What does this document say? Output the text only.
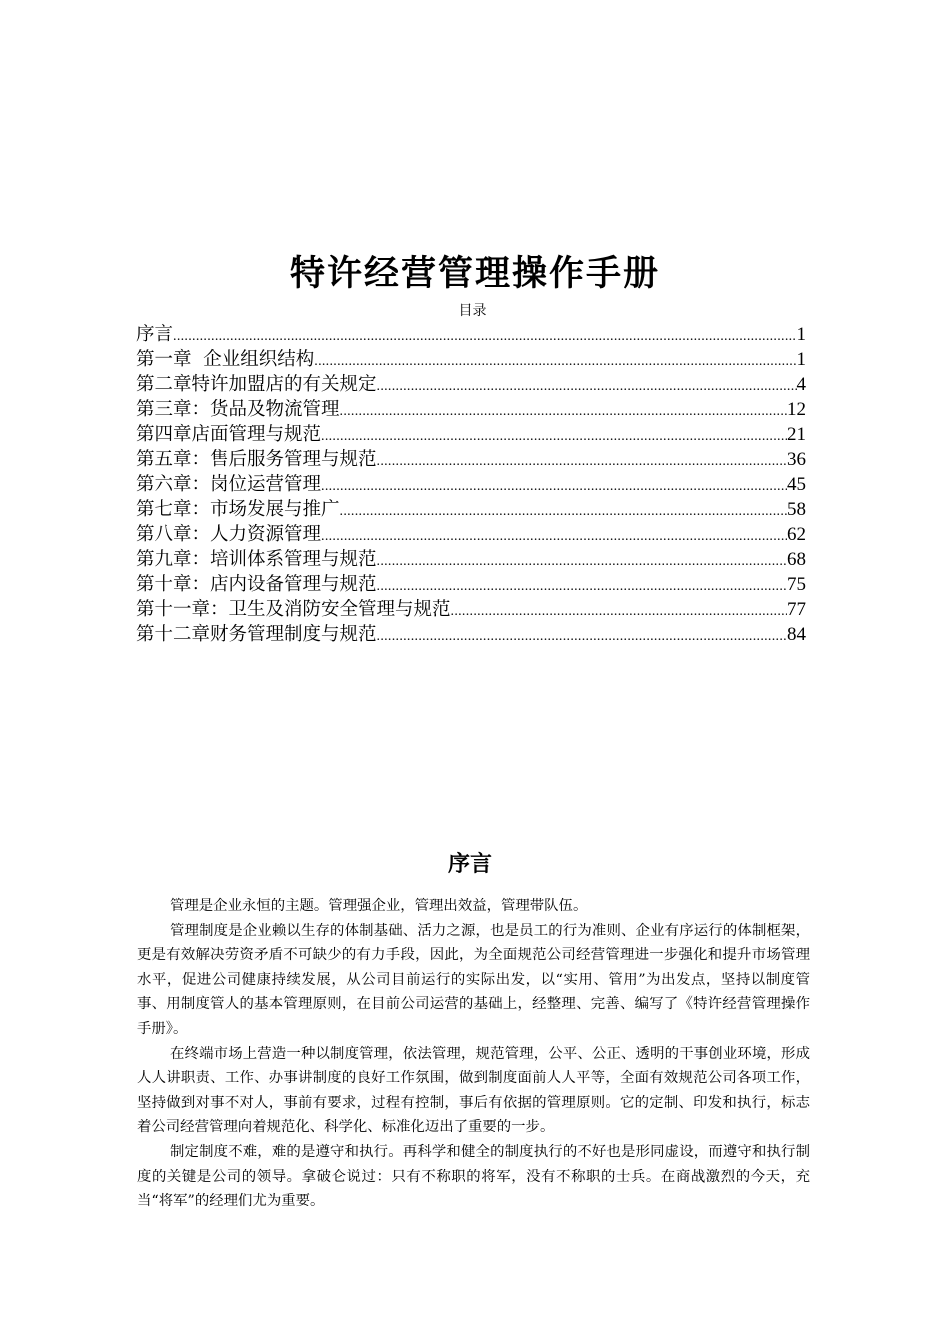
特许经营管理操作手册
目录
序言 .....	1
第一章  企业组织结构 .....	1
第二章特许加盟店的有关规定 .....	4
第三章：货品及物流管理 .....	12
第四章店面管理与规范 .....	21
第五章：售后服务管理与规范 .....	36
第六章：岗位运营管理 .....	45
第七章：市场发展与推广 .....	58
第八章：人力资源管理 .....	62
第九章：培训体系管理与规范 .....	68
第十章：店内设备管理与规范 .....	75
第十一章：卫生及消防安全管理与规范 .....	77
第十二章财务管理制度与规范 .....	84
序言

管理是企业永恒的主题。管理强企业，管理出效益，管理带队伍。

管理制度是企业赖以生存的体制基础、活力之源，也是员工的行为准则、企业有序运行的体制框架，更是有效解决劳资矛盾不可缺少的有力手段，因此，为全面规范公司经营管理进一步强化和提升市场管理水平，促进公司健康持续发展，从公司目前运行的实际出发，以“实用、管用”为出发点，坚持以制度管事、用制度管人的基本管理原则，在目前公司运营的基础上，经整理、完善、编写了《特许经营管理操作手册》。

在终端市场上营造一种以制度管理，依法管理，规范管理，公平、公正、透明的干事创业环境，形成人人讲职责、工作、办事讲制度的良好工作氛围，做到制度面前人人平等，全面有效规范公司各项工作，坚持做到对事不对人，事前有要求，过程有控制，事后有依据的管理原则。它的定制、印发和执行，标志着公司经营管理向着规范化、科学化、标准化迈出了重要的一步。

制定制度不难，难的是遵守和执行。再科学和健全的制度执行的不好也是形同虚设，而遵守和执行制度的关键是公司的领导。拿破仑说过：只有不称职的将军，没有不称职的士兵。在商战激烈的今天，充当“将军”的经理们尤为重要。
